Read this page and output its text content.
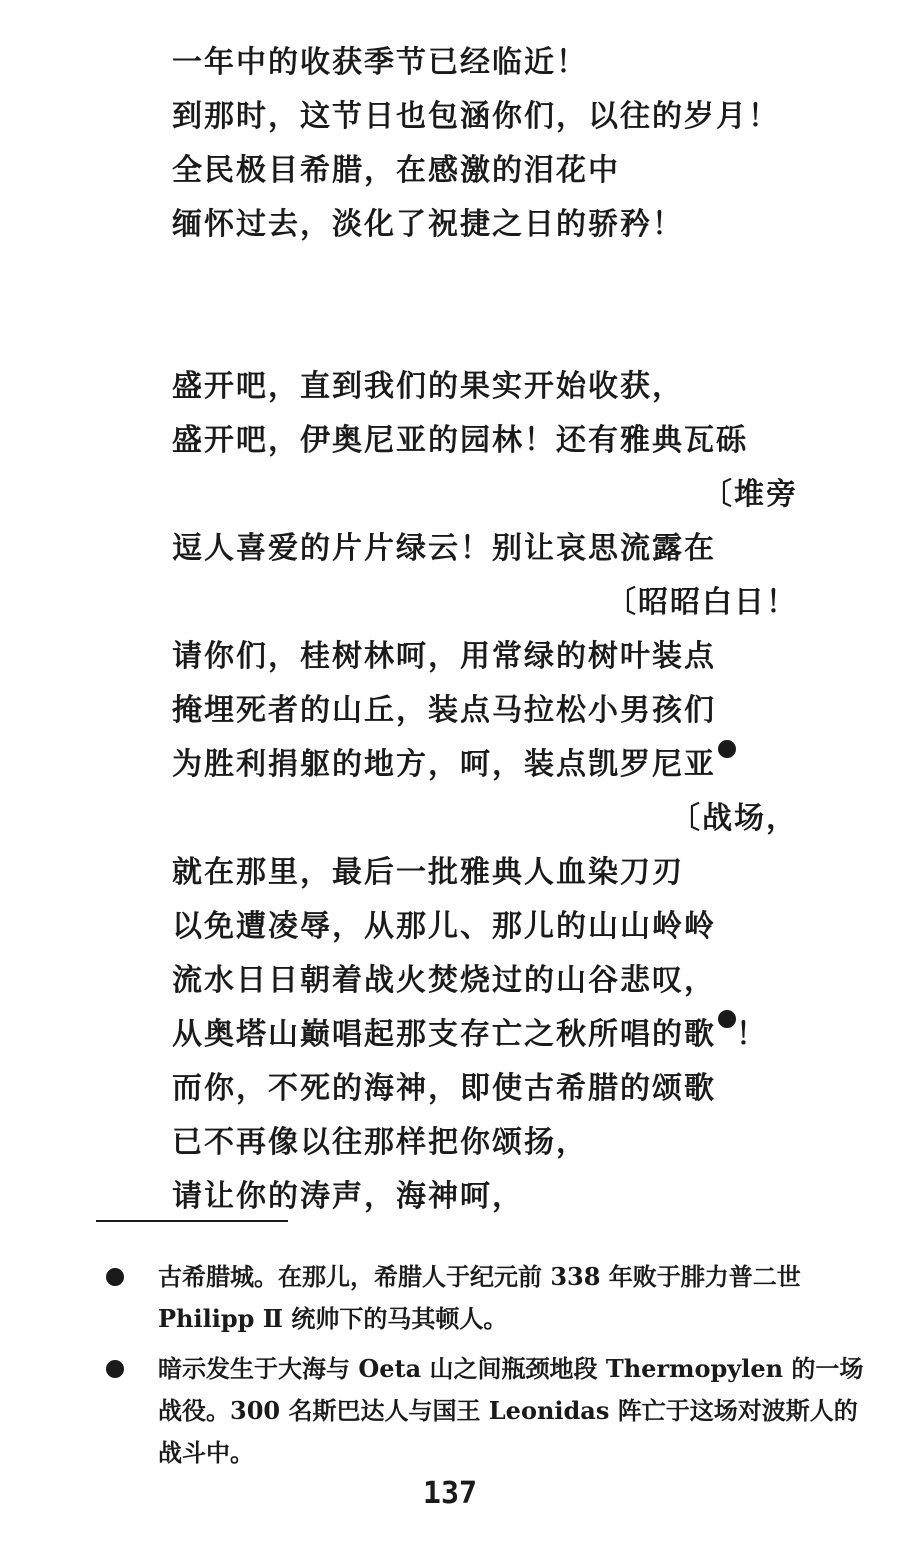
一年中的收获季节已经临近！
到那时，这节日也包涵你们，以往的岁月！
全民极目希腊，在感激的泪花中
缅怀过去，淡化了祝捷之日的骄矜！
盛开吧，直到我们的果实开始收获，
盛开吧，伊奥尼亚的园林！还有雅典瓦砾
〔堆旁
逗人喜爱的片片绿云！别让哀思流露在
〔昭昭白日！
请你们，桂树林呵，用常绿的树叶装点
掩埋死者的山丘，装点马拉松小男孩们
为胜利捐躯的地方，呵，装点凯罗尼亚
〔战场，
就在那里，最后一批雅典人血染刀刃
以免遭凌辱，从那儿、那儿的山山岭岭
流水日日朝着战火焚烧过的山谷悲叹，
从奥塔山巅唱起那支存亡之秋所唱的歌 ！
而你，不死的海神，即使古希腊的颂歌
已不再像以往那样把你颂扬，
请让你的涛声，海神呵，
古希腊城。在那儿，希腊人于纪元前 338 年败于腓力普二世 Philipp Ⅱ 统帅下的马其顿人。
暗示发生于大海与 Oeta 山之间瓶颈地段 Thermopylen 的一场战役。300 名斯巴达人与国王 Leonidas 阵亡于这场对波斯人的战斗中。
137
